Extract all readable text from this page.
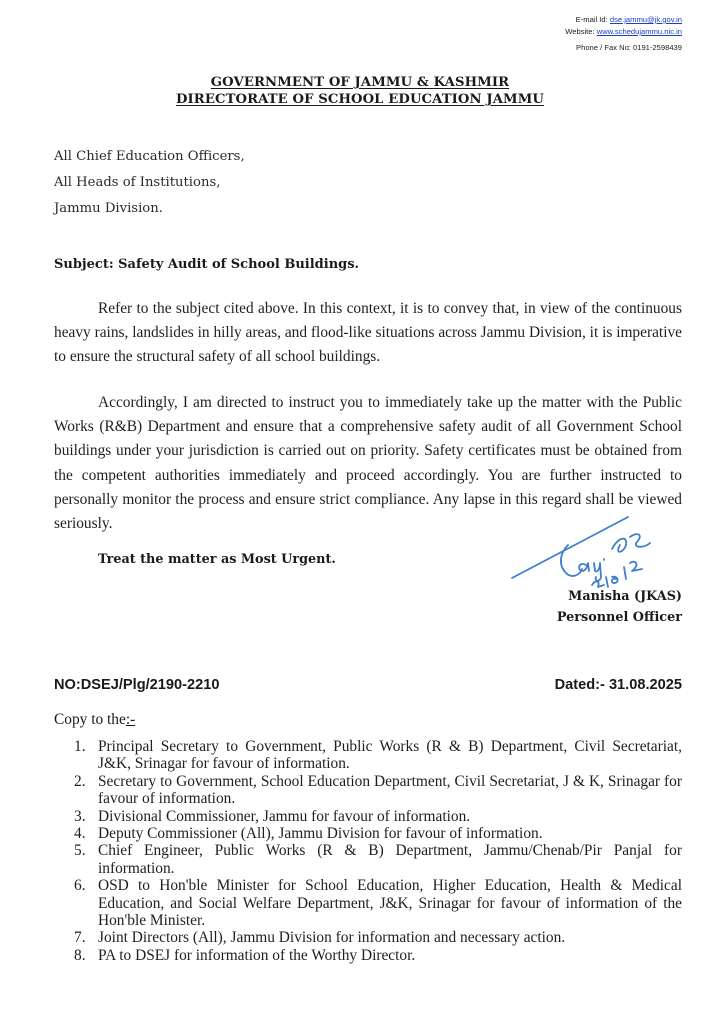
E-mail Id: dse.jammu@jk.gov.in
Website: www.schedujammu.nic.in
Phone / Fax No: 0191-2598439
GOVERNMENT OF JAMMU & KASHMIR
DIRECTORATE OF SCHOOL EDUCATION JAMMU
All Chief Education Officers,
All Heads of Institutions,
Jammu Division.
Subject: Safety Audit of School Buildings.
Refer to the subject cited above. In this context, it is to convey that, in view of the continuous heavy rains, landslides in hilly areas, and flood-like situations across Jammu Division, it is imperative to ensure the structural safety of all school buildings.
Accordingly, I am directed to instruct you to immediately take up the matter with the Public Works (R&B) Department and ensure that a comprehensive safety audit of all Government School buildings under your jurisdiction is carried out on priority. Safety certificates must be obtained from the competent authorities immediately and proceed accordingly. You are further instructed to personally monitor the process and ensure strict compliance. Any lapse in this regard shall be viewed seriously.
Treat the matter as Most Urgent.
Manisha (JKAS)
Personnel Officer
NO:DSEJ/Plg/2190-2210	Dated:- 31.08.2025
Copy to the:-
1. Principal Secretary to Government, Public Works (R & B) Department, Civil Secretariat, J&K, Srinagar for favour of information.
2. Secretary to Government, School Education Department, Civil Secretariat, J & K, Srinagar for favour of information.
3. Divisional Commissioner, Jammu for favour of information.
4. Deputy Commissioner (All), Jammu Division for favour of information.
5. Chief Engineer, Public Works (R & B) Department, Jammu/Chenab/Pir Panjal for information.
6. OSD to Hon'ble Minister for School Education, Higher Education, Health & Medical Education, and Social Welfare Department, J&K, Srinagar for favour of information of the Hon'ble Minister.
7. Joint Directors (All), Jammu Division for information and necessary action.
8. PA to DSEJ for information of the Worthy Director.
